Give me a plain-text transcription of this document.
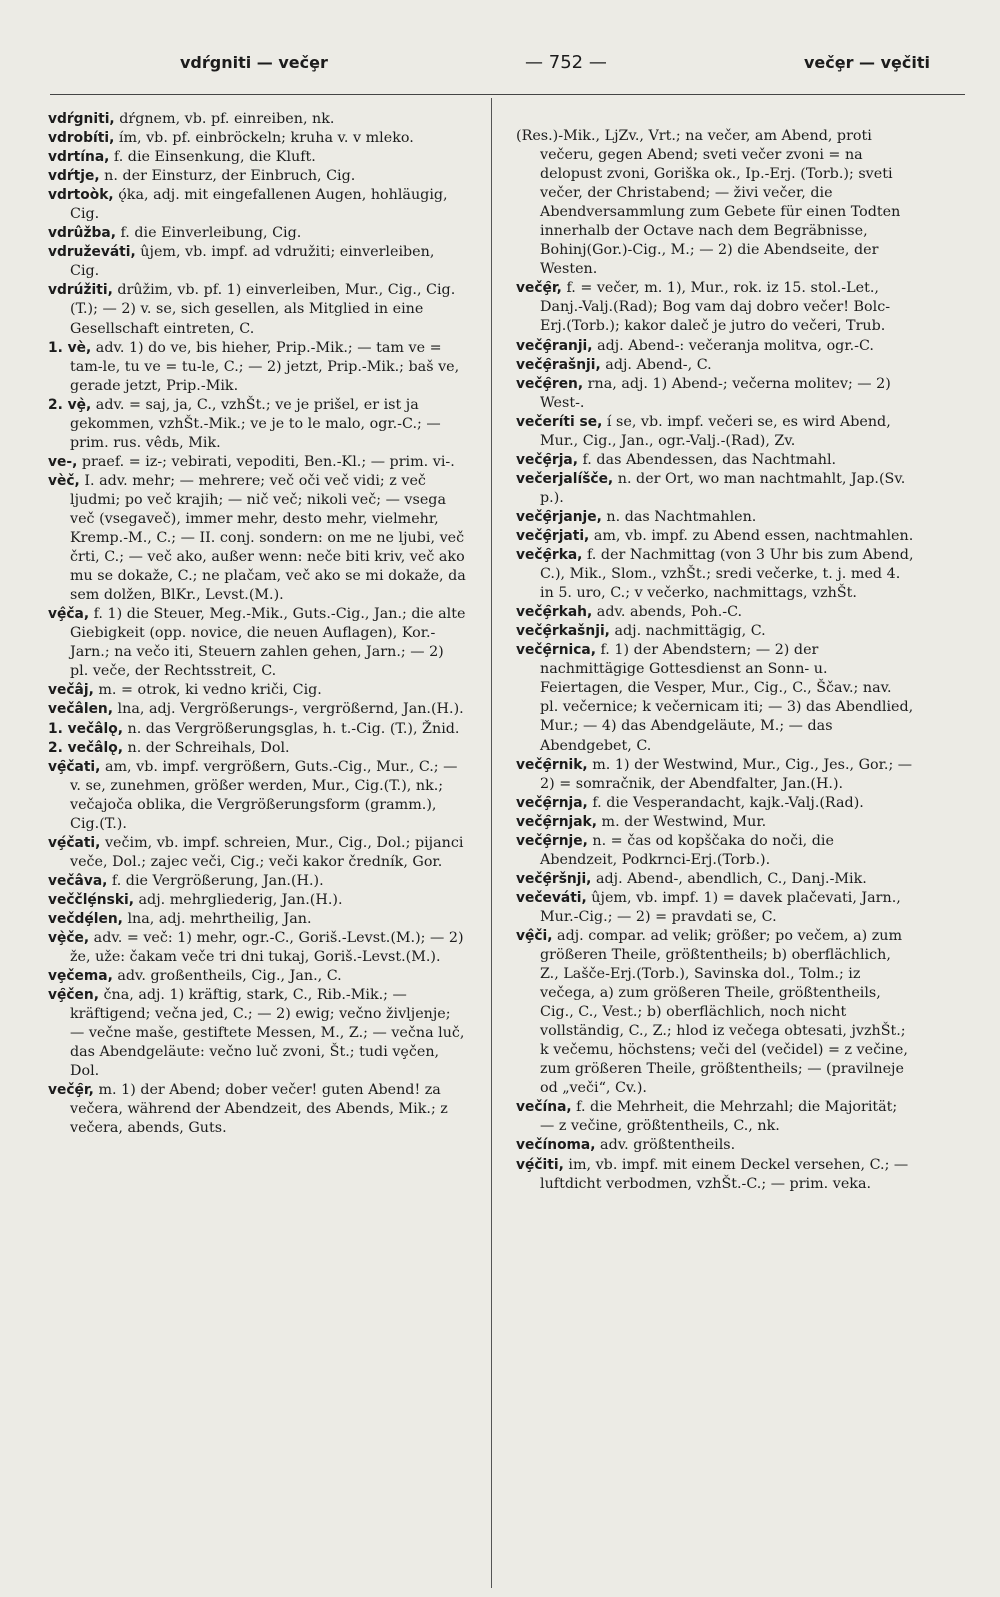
vdŕgniti — večȩr	— 752 —	večȩr — vȩčiti

vdŕgniti, dŕgnem, vb. pf. einreiben, nk.

vdrobíti, ím, vb. pf. einbröckeln; kruha v. v mleko.

vdrtína, f. die Einsenkung, die Kluft.

vdŕtje, n. der Einsturz, der Einbruch, Cig.

vdrtoòk, ǫ́ka, adj. mit eingefallenen Augen, hohläugig, Cig.

vdrûžba, f. die Einverleibung, Cig.

vdruževáti, ûjem, vb. impf. ad vdružiti; einverleiben, Cig.

vdrúžiti, drûžim, vb. pf. 1) einverleiben, Mur., Cig., Cig.(T.); — 2) v. se, sich gesellen, als Mitglied in eine Gesellschaft eintreten, C.

1. vè, adv. 1) do ve, bis hieher, Prip.-Mik.; — tam ve = tam-le, tu ve = tu-le, C.; — 2) jetzt, Prip.-Mik.; baš ve, gerade jetzt, Prip.-Mik.

2. vȩ̀, adv. = saj, ja, C., vzhŠt.; ve je prišel, er ist ja gekommen, vzhŠt.-Mik.; ve je to le malo, ogr.-C.; — prim. rus. vêdь, Mik.

ve-, praef. = iz-; vebirati, vepoditi, Ben.-Kl.; — prim. vi-.

vèč, I. adv. mehr; — mehrere; več oči več vidi; z več ljudmi; po več krajih; — nič več; nikoli več; — vsega več (vsegaveč), immer mehr, desto mehr, vielmehr, Kremp.-M., C.; — II. conj. sondern: on me ne ljubi, več črti, C.; — več ako, außer wenn: neče biti kriv, več ako mu se dokaže, C.; ne plačam, več ako se mi dokaže, da sem dolžen, BlKr., Levst.(M.).

vȩ̂ča, f. 1) die Steuer, Meg.-Mik., Guts.-Cig., Jan.; die alte Giebigkeit (opp. novice, die neuen Auflagen), Kor.-Jarn.; na večo iti, Steuern zahlen gehen, Jarn.; — 2) pl. veče, der Rechtsstreit, C.

večâj, m. = otrok, ki vedno kriči, Cig.

večâlen, lna, adj. Vergrößerungs-, vergrößernd, Jan.(H.).

1. večâlǫ, n. das Vergrößerungsglas, h. t.-Cig. (T.), Žnid.

2. večâlǫ, n. der Schreihals, Dol.

vȩ̑čati, am, vb. impf. vergrößern, Guts.-Cig., Mur., C.; — v. se, zunehmen, größer werden, Mur., Cig.(T.), nk.; večajoča oblika, die Vergrößerungsform (gramm.), Cig.(T.).

vȩ́čati, večim, vb. impf. schreien, Mur., Cig., Dol.; pijanci veče, Dol.; zajec veči, Cig.; veči kakor čredník, Gor.

večâva, f. die Vergrößerung, Jan.(H.).

veččlȩ́nski, adj. mehrgliederig, Jan.(H.).

večdȩ́len, lna, adj. mehrtheilig, Jan.

vȩ̀če, adv. = več: 1) mehr, ogr.-C., Goriš.-Levst.(M.); — 2) že, uže: čakam veče tri dni tukaj, Goriš.-Levst.(M.).

vȩčema, adv. großentheils, Cig., Jan., C.

vȩ̑čen, čna, adj. 1) kräftig, stark, C., Rib.-Mik.; — kräftigend; večna jed, C.; — 2) ewig; večno življenje; — večne maše, gestiftete Messen, M., Z.; — večna luč, das Abendgeläute: večno luč zvoni, Št.; tudi vȩčen, Dol.

večȩ̑r, m. 1) der Abend; dober večer! guten Abend! za večera, während der Abendzeit, des Abends, Mik.; z večera, abends, Guts.

(Res.)-Mik., LjZv., Vrt.; na večer, am Abend, proti večeru, gegen Abend; sveti večer zvoni = na delopust zvoni, Goriška ok., Ip.-Erj. (Torb.); sveti večer, der Christabend; — živi večer, die Abendversammlung zum Gebete für einen Todten innerhalb der Octave nach dem Begräbnisse, Bohinj(Gor.)-Cig., M.; — 2) die Abendseite, der Westen.

večȩ̑r, f. = večer, m. 1), Mur., rok. iz 15. stol.-Let., Danj.-Valj.(Rad); Bog vam daj dobro večer! Bolc-Erj.(Torb.); kakor daleč je jutro do večeri, Trub.

večȩ̑ranji, adj. Abend-: večeranja molitva, ogr.-C.

večȩ̑rašnji, adj. Abend-, C.

večȩ̑ren, rna, adj. 1) Abend-; večerna molitev; — 2) West-.

večeríti se, í se, vb. impf. večeri se, es wird Abend, Mur., Cig., Jan., ogr.-Valj.-(Rad), Zv.

večȩ̑rja, f. das Abendessen, das Nachtmahl.

večerjalíšče, n. der Ort, wo man nachtmahlt, Jap.(Sv. p.).

večȩ̑rjanje, n. das Nachtmahlen.

večȩ̑rjati, am, vb. impf. zu Abend essen, nachtmahlen.

večȩ̑rka, f. der Nachmittag (von 3 Uhr bis zum Abend, C.), Mik., Slom., vzhŠt.; sredi večerke, t. j. med 4. in 5. uro, C.; v večerko, nachmittags, vzhŠt.

večȩ̑rkah, adv. abends, Poh.-C.

večȩ̑rkašnji, adj. nachmittägig, C.

večȩ̑rnica, f. 1) der Abendstern; — 2) der nachmittägige Gottesdienst an Sonn- u. Feiertagen, die Vesper, Mur., Cig., C., Ščav.; nav. pl. večernice; k večernicam iti; — 3) das Abendlied, Mur.; — 4) das Abendgeläute, M.; — das Abendgebet, C.

večȩ̑rnik, m. 1) der Westwind, Mur., Cig., Jes., Gor.; — 2) = somračnik, der Abendfalter, Jan.(H.).

večȩ̑rnja, f. die Vesperandacht, kajk.-Valj.(Rad).

večȩ̑rnjak, m. der Westwind, Mur.

večȩ̑rnje, n. = čas od kopščaka do noči, die Abendzeit, Podkrnci-Erj.(Torb.).

večȩ̑ršnji, adj. Abend-, abendlich, C., Danj.-Mik.

večeváti, ûjem, vb. impf. 1) = davek plačevati, Jarn., Mur.-Cig.; — 2) = pravdati se, C.

vȩ̂či, adj. compar. ad velik; größer; po večem, a) zum größeren Theile, größtentheils; b) oberflächlich, Z., Lašče-Erj.(Torb.), Savinska dol., Tolm.; iz večega, a) zum größeren Theile, größtentheils, Cig., C., Vest.; b) oberflächlich, noch nicht vollständig, C., Z.; hlod iz večega obtesati, jvzhŠt.; k večemu, höchstens; veči del (večidel) = z večine, zum größeren Theile, größtentheils; — (pravilneje od „veči“, Cv.).

večína, f. die Mehrheit, die Mehrzahl; die Majorität; — z večine, größtentheils, C., nk.

večínoma, adv. größtentheils.

vȩ́čiti, im, vb. impf. mit einem Deckel versehen, C.; — luftdicht verbodmen, vzhŠt.-C.; — prim. veka.
